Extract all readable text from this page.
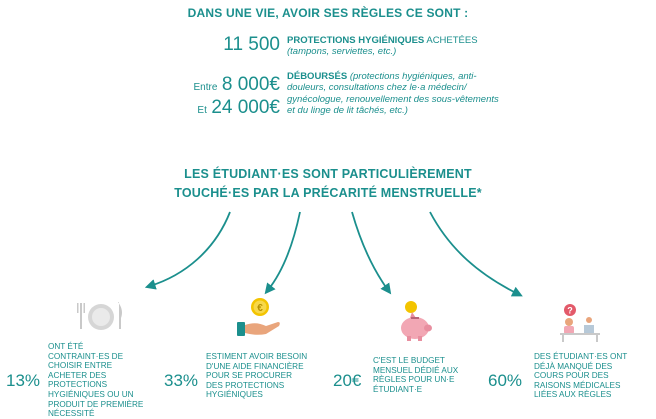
DANS UNE VIE, AVOIR SES RÈGLES CE SONT :
11 500 PROTECTIONS HYGIÉNIQUES ACHETÉES
(tampons, serviettes, etc.)
Entre 8 000€
Et 24 000€
DÉBOURSÉS (protections hygiéniques, anti-douleurs, consultations chez le·a médecin/ gynécologue, renouvellement des sous-vêtements et du linge de lit tâchés, etc.)
LES ÉTUDIANT·ES SONT PARTICULIÈREMENT
TOUCHÉ·ES PAR LA PRÉCARITÉ MENSTRUELLE*
€	?
13%
ONT ÉTÉ CONTRAINT·ES DE CHOISIR ENTRE ACHETER DES PROTECTIONS HYGIÉNIQUES OU UN PRODUIT DE PREMIÈRE NÉCESSITÉ
33%
ESTIMENT AVOIR BESOIN D'UNE AIDE FINANCIÈRE POUR SE PROCURER DES PROTECTIONS HYGIÉNIQUES
20€
C'EST LE BUDGET MENSUEL DÉDIÉ AUX RÈGLES POUR UN·E ÉTUDIANT·E	60%
DES ÉTUDIANT·ES ONT DÉJÀ MANQUÉ DES COURS POUR DES RAISONS MÉDICALES LIÉES AUX RÈGLES
